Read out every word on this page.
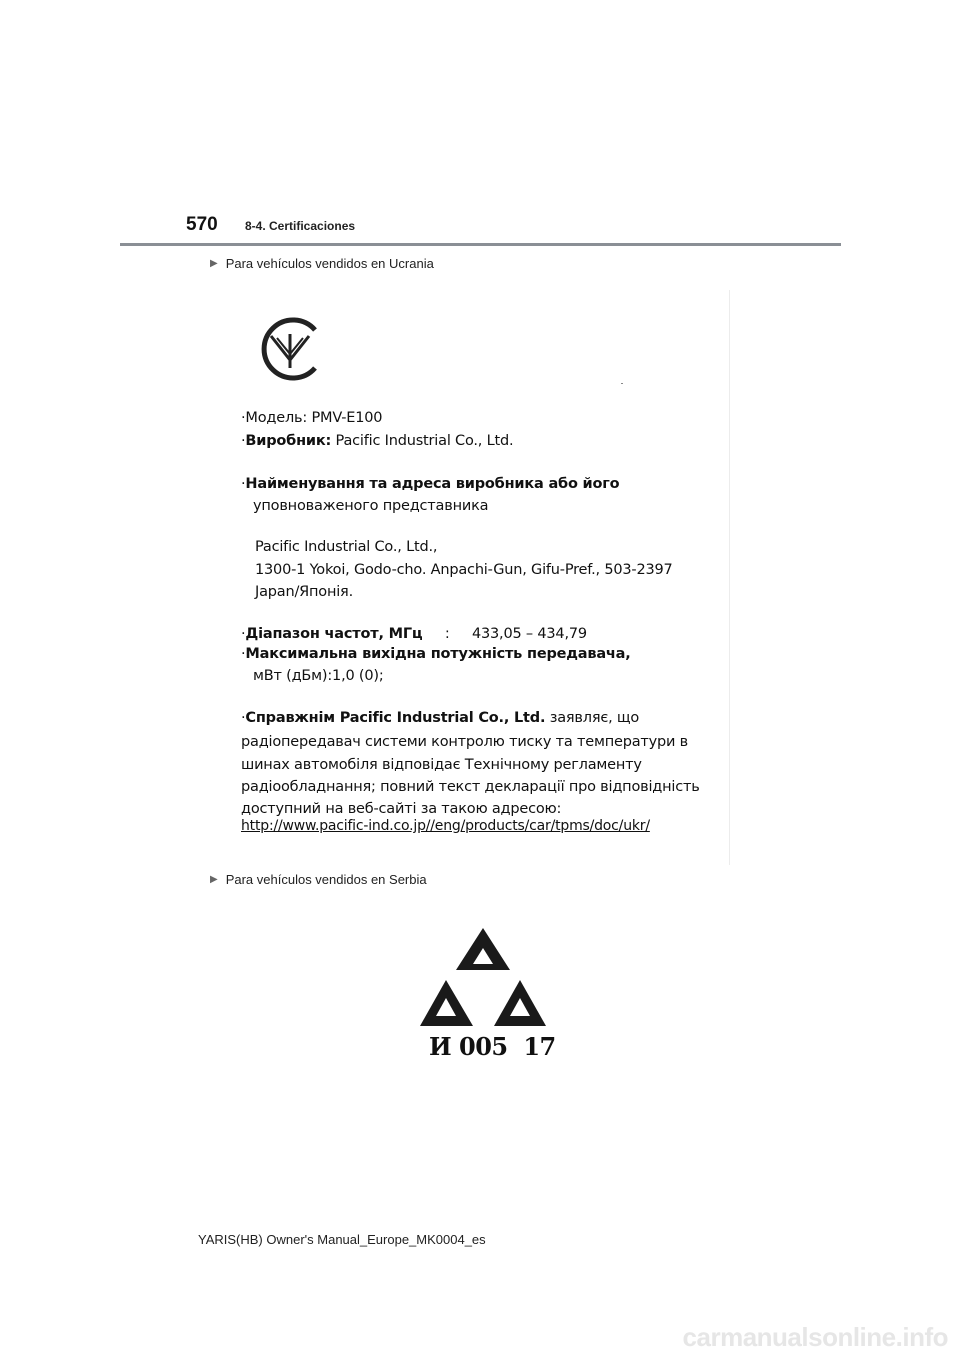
570 8-4. Certificaciones
▶ Para vehículos vendidos en Ucrania
·Модель: PMV-E100
·Виробник: Pacific Industrial Co., Ltd.
·Найменування та адреса виробника або його
уповноваженого представника
Pacific Industrial Co., Ltd.,
1300-1 Yokoi, Godo-cho. Anpachi-Gun, Gifu-Pref., 503-2397
Japan/Японія.
·Діапазон частот, МГц : 433,05 – 434,79
·Максимальна вихідна потужність передавача,
мВт (дБм):1,0 (0);
·Справжнім Pacific Industrial Co., Ltd. заявляє, що
радіопередавач системи контролю тиску та температури в
шинах автомобіля відповідає Технічному регламенту
радіообладнання; повний текст декларації про відповідність
доступний на веб-сайті за такою адресою:
http://www.pacific-ind.co.jp//eng/products/car/tpms/doc/ukr/
▶ Para vehículos vendidos en Serbia
И 005  17
YARIS(HB) Owner's Manual_Europe_MK0004_es
carmanualsonline.info
